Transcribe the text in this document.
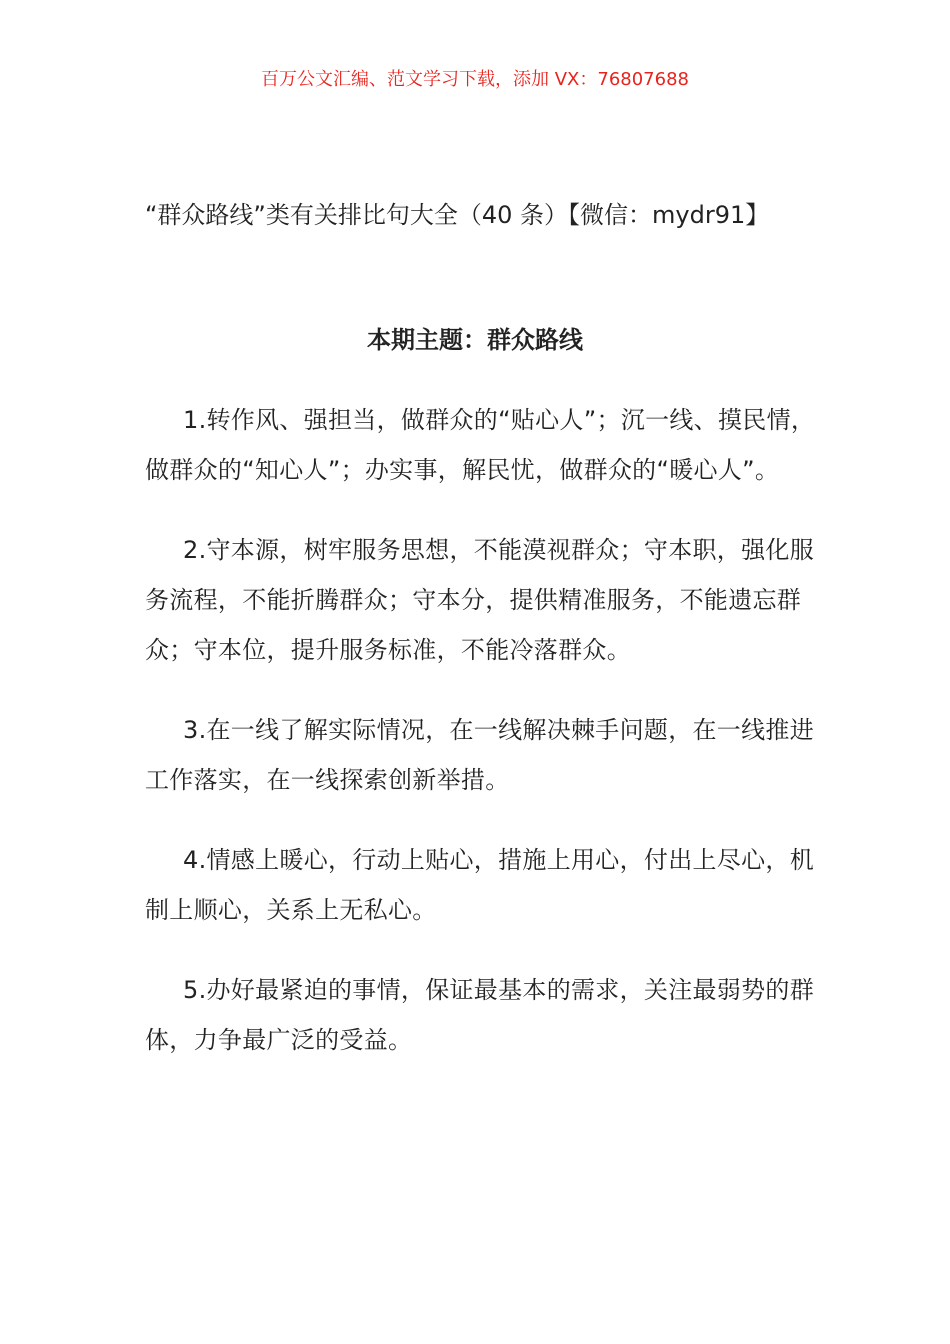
百万公文汇编、范文学习下载，添加 VX：76807688
“群众路线”类有关排比句大全（40 条）【微信：mydr91】
本期主题：群众路线

1.转作风、强担当，做群众的“贴心人”；沉一线、摸民情，做群众的“知心人”；办实事，解民忧，做群众的“暖心人”。

2.守本源，树牢服务思想，不能漠视群众；守本职，强化服务流程，不能折腾群众；守本分，提供精准服务，不能遗忘群众；守本位，提升服务标准，不能冷落群众。

3.在一线了解实际情况，在一线解决棘手问题，在一线推进工作落实，在一线探索创新举措。

4.情感上暖心，行动上贴心，措施上用心，付出上尽心，机制上顺心，关系上无私心。

5.办好最紧迫的事情，保证最基本的需求，关注最弱势的群体，力争最广泛的受益。
